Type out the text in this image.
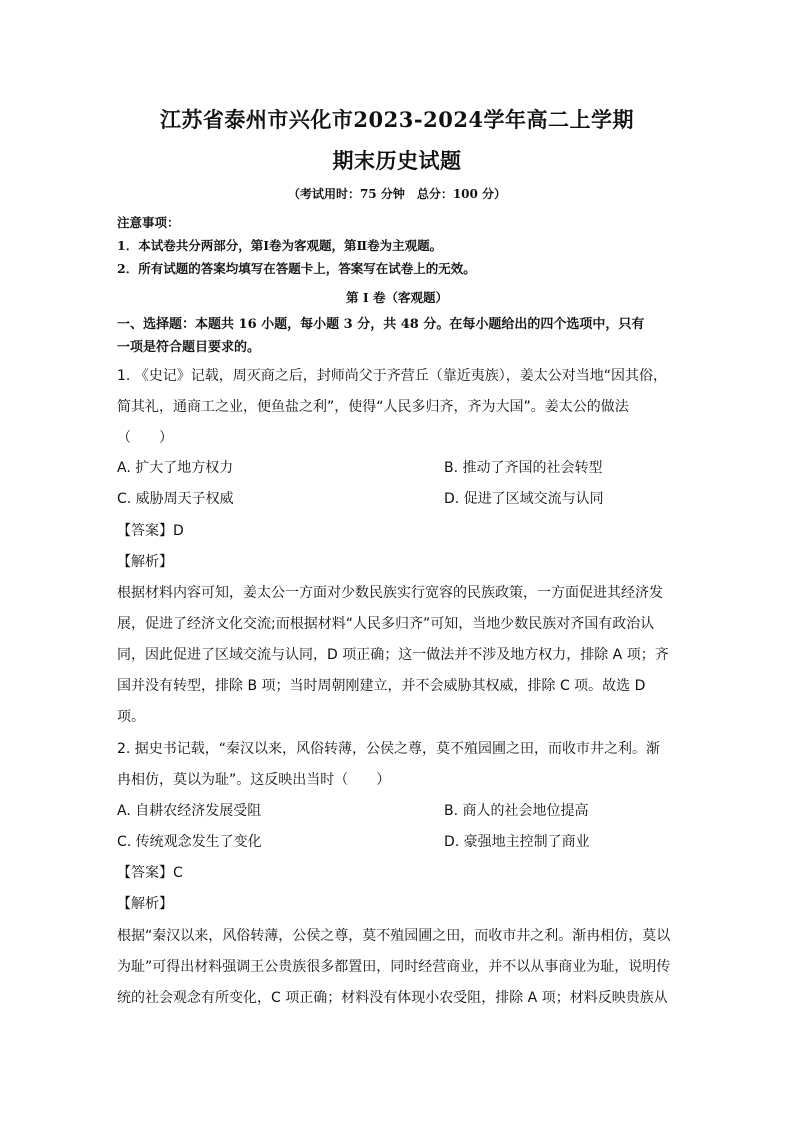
江苏省泰州市兴化市2023-2024学年高二上学期
期末历史试题
（考试用时：75 分钟　总分：100 分）
注意事项：
1．本试卷共分两部分，第Ⅰ卷为客观题，第Ⅱ卷为主观题。
2．所有试题的答案均填写在答题卡上，答案写在试卷上的无效。
第 Ⅰ 卷（客观题）
一、选择题：本题共 16 小题，每小题 3 分，共 48 分。在每小题给出的四个选项中，只有
一项是符合题目要求的。
1. 《史记》记载，周灭商之后，封师尚父于齐营丘（靠近夷族），姜太公对当地“因其俗，
简其礼，通商工之业，便鱼盐之利”，使得“人民多归齐，齐为大国”。姜太公的做法
（　　）
A. 扩大了地方权力	B. 推动了齐国的社会转型
C. 威胁周天子权威	D. 促进了区域交流与认同
【答案】D
【解析】
根据材料内容可知，姜太公一方面对少数民族实行宽容的民族政策，一方面促进其经济发
展，促进了经济文化交流;而根据材料“人民多归齐”可知，当地少数民族对齐国有政治认
同，因此促进了区域交流与认同，D 项正确；这一做法并不涉及地方权力，排除 A 项；齐
国并没有转型，排除 B 项；当时周朝刚建立，并不会威胁其权威，排除 C 项。故选 D
项。
2. 据史书记载，“秦汉以来，风俗转薄，公侯之尊，莫不殖园圃之田，而收市井之利。渐
冉相仿，莫以为耻”。这反映出当时（　　）
A. 自耕农经济发展受阻	B. 商人的社会地位提高
C. 传统观念发生了变化	D. 豪强地主控制了商业
【答案】C
【解析】
根据“秦汉以来，风俗转薄，公侯之尊，莫不殖园圃之田，而收市井之利。渐冉相仿，莫以
为耻”可得出材料强调王公贵族很多都置田，同时经营商业，并不以从事商业为耻，说明传
统的社会观念有所变化，C 项正确；材料没有体现小农受阻，排除 A 项；材料反映贵族从
